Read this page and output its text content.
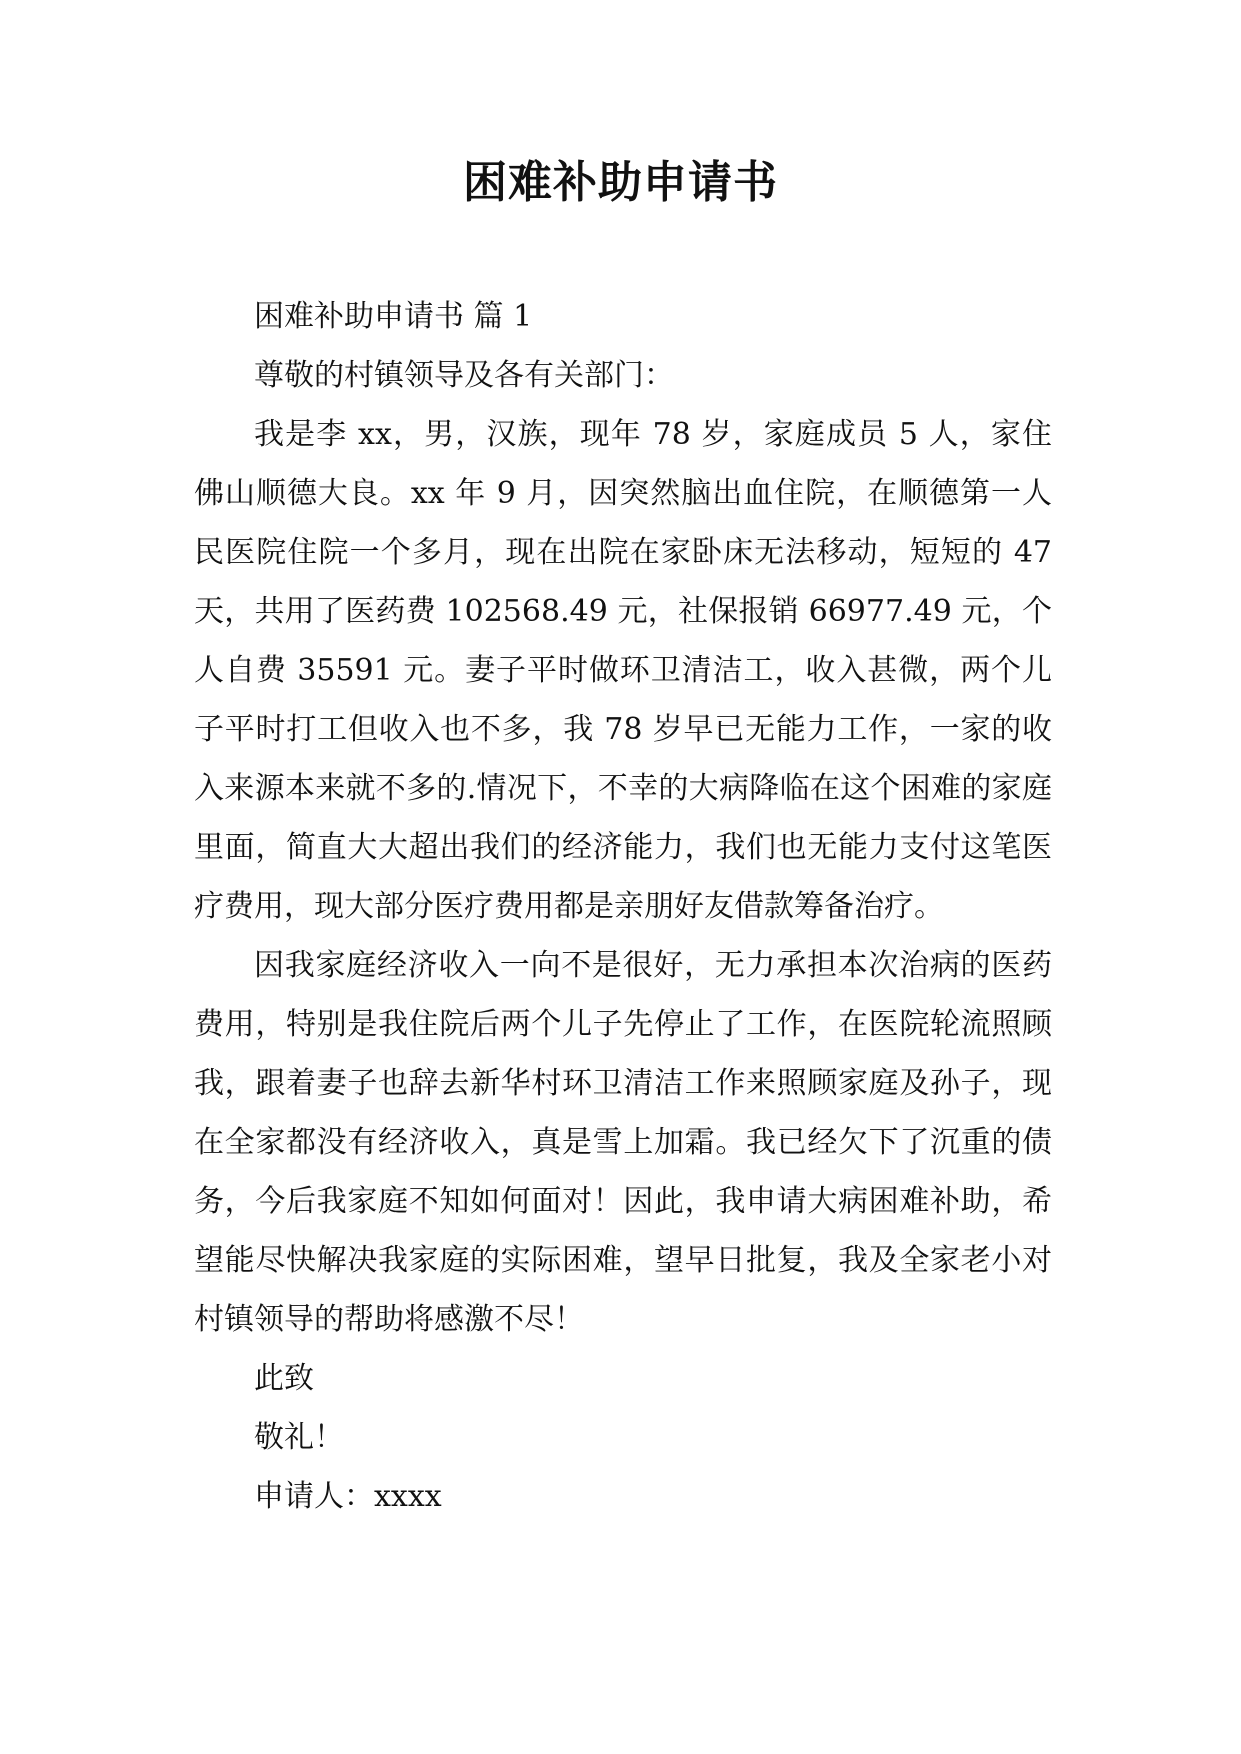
困难补助申请书

困难补助申请书 篇 1

尊敬的村镇领导及各有关部门：

我是李 xx，男，汉族，现年 78 岁，家庭成员 5 人，家住佛山顺德大良。xx 年 9 月，因突然脑出血住院，在顺德第一人民医院住院一个多月，现在出院在家卧床无法移动，短短的 47 天，共用了医药费 102568.49 元，社保报销 66977.49 元，个人自费 35591 元。妻子平时做环卫清洁工，收入甚微，两个儿子平时打工但收入也不多，我 78 岁早已无能力工作，一家的收入来源本来就不多的.情况下，不幸的大病降临在这个困难的家庭里面，简直大大超出我们的经济能力，我们也无能力支付这笔医疗费用，现大部分医疗费用都是亲朋好友借款筹备治疗。

因我家庭经济收入一向不是很好，无力承担本次治病的医药费用，特别是我住院后两个儿子先停止了工作，在医院轮流照顾我，跟着妻子也辞去新华村环卫清洁工作来照顾家庭及孙子，现在全家都没有经济收入，真是雪上加霜。我已经欠下了沉重的债务，今后我家庭不知如何面对！因此，我申请大病困难补助，希望能尽快解决我家庭的实际困难，望早日批复，我及全家老小对村镇领导的帮助将感激不尽！

此致

敬礼！

申请人：xxxx
